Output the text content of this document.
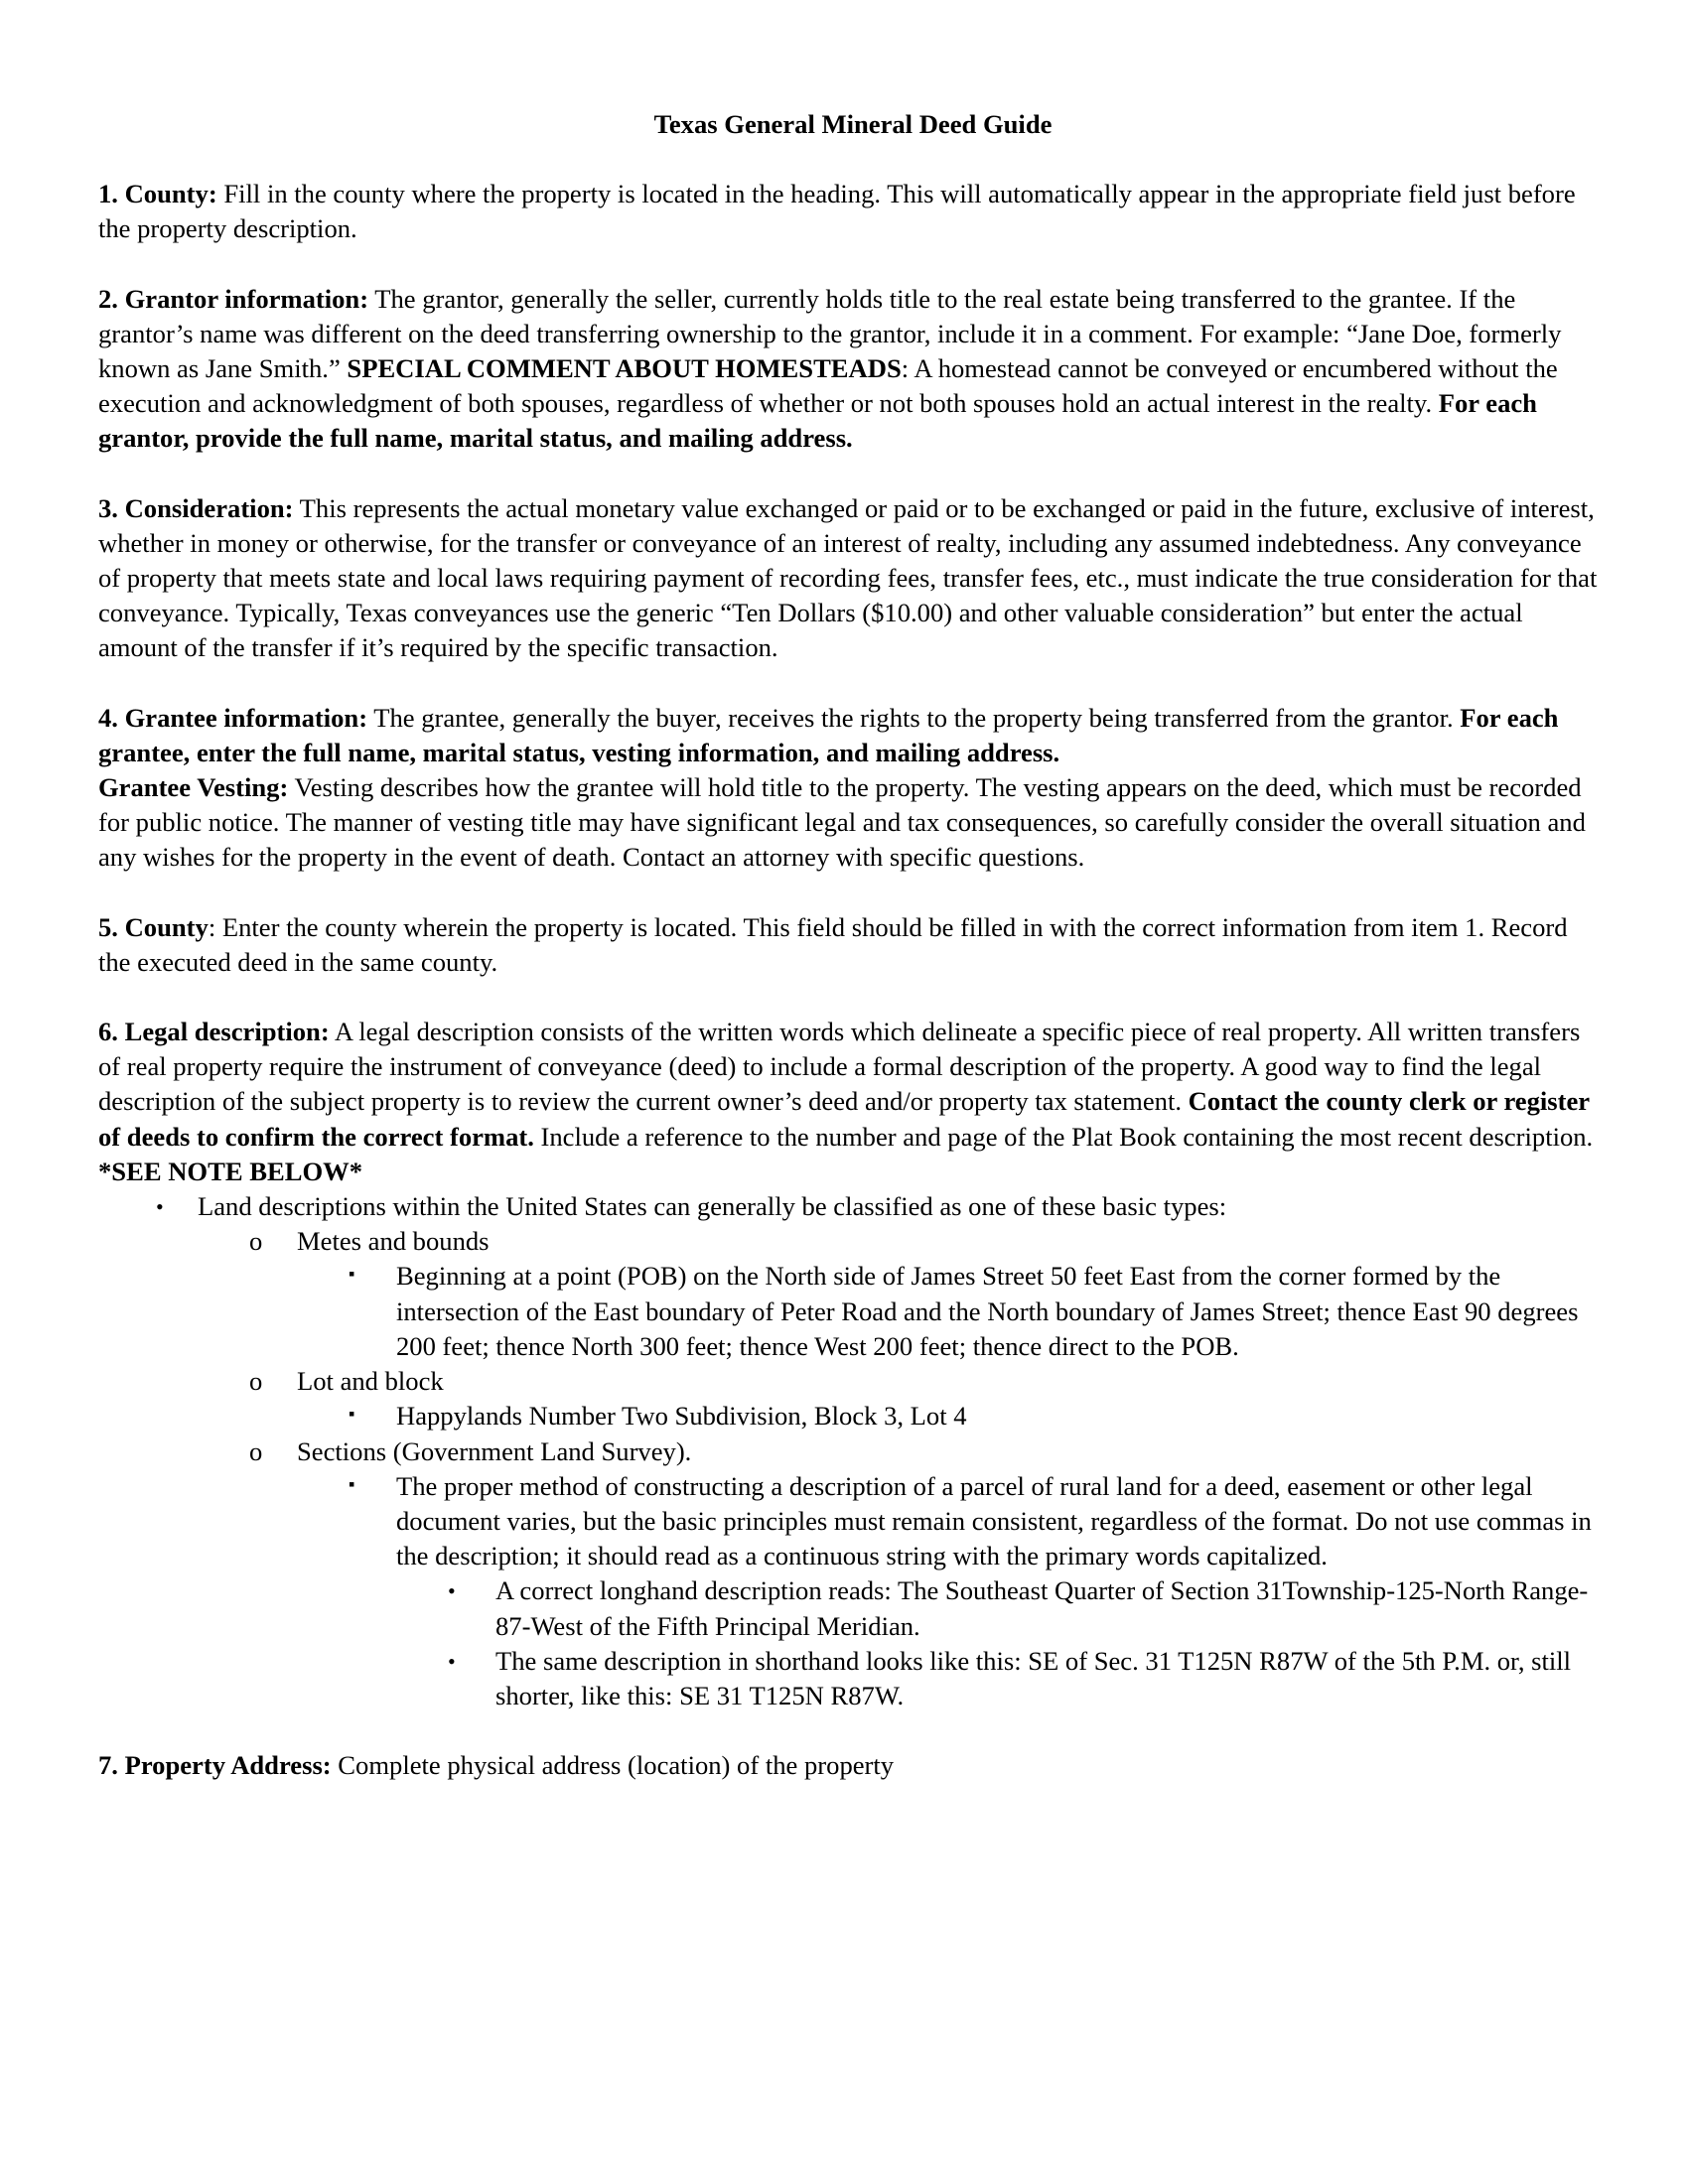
Texas General Mineral Deed Guide

1. County: Fill in the county where the property is located in the heading. This will automatically appear in the appropriate field just before the property description.

2. Grantor information: The grantor, generally the seller, currently holds title to the real estate being transferred to the grantee. If the grantor’s name was different on the deed transferring ownership to the grantor, include it in a comment. For example: “Jane Doe, formerly known as Jane Smith.” SPECIAL COMMENT ABOUT HOMESTEADS: A homestead cannot be conveyed or encumbered without the execution and acknowledgment of both spouses, regardless of whether or not both spouses hold an actual interest in the realty. For each grantor, provide the full name, marital status, and mailing address.

3. Consideration: This represents the actual monetary value exchanged or paid or to be exchanged or paid in the future, exclusive of interest, whether in money or otherwise, for the transfer or conveyance of an interest of realty, including any assumed indebtedness. Any conveyance of property that meets state and local laws requiring payment of recording fees, transfer fees, etc., must indicate the true consideration for that conveyance. Typically, Texas conveyances use the generic “Ten Dollars ($10.00) and other valuable consideration” but enter the actual amount of the transfer if it’s required by the specific transaction.

4. Grantee information: The grantee, generally the buyer, receives the rights to the property being transferred from the grantor. For each grantee, enter the full name, marital status, vesting information, and mailing address.

Grantee Vesting: Vesting describes how the grantee will hold title to the property. The vesting appears on the deed, which must be recorded for public notice. The manner of vesting title may have significant legal and tax consequences, so carefully consider the overall situation and any wishes for the property in the event of death. Contact an attorney with specific questions.

5. County: Enter the county wherein the property is located. This field should be filled in with the correct information from item 1. Record the executed deed in the same county.

6. Legal description: A legal description consists of the written words which delineate a specific piece of real property. All written transfers of real property require the instrument of conveyance (deed) to include a formal description of the property. A good way to find the legal description of the subject property is to review the current owner’s deed and/or property tax statement. Contact the county clerk or register of deeds to confirm the correct format. Include a reference to the number and page of the Plat Book containing the most recent description. *SEE NOTE BELOW*

• Land descriptions within the United States can generally be classified as one of these basic types:
o Metes and bounds
▪ Beginning at a point (POB) on the North side of James Street 50 feet East from the corner formed by the intersection of the East boundary of Peter Road and the North boundary of James Street; thence East 90 degrees 200 feet; thence North 300 feet; thence West 200 feet; thence direct to the POB.
o Lot and block
▪ Happylands Number Two Subdivision, Block 3, Lot 4
o Sections (Government Land Survey).
▪ The proper method of constructing a description of a parcel of rural land for a deed, easement or other legal document varies, but the basic principles must remain consistent, regardless of the format. Do not use commas in the description; it should read as a continuous string with the primary words capitalized.
• A correct longhand description reads: The Southeast Quarter of Section 31Township-125-North Range-87-West of the Fifth Principal Meridian.
• The same description in shorthand looks like this: SE of Sec. 31 T125N R87W of the 5th P.M. or, still shorter, like this: SE 31 T125N R87W.

7. Property Address: Complete physical address (location) of the property
